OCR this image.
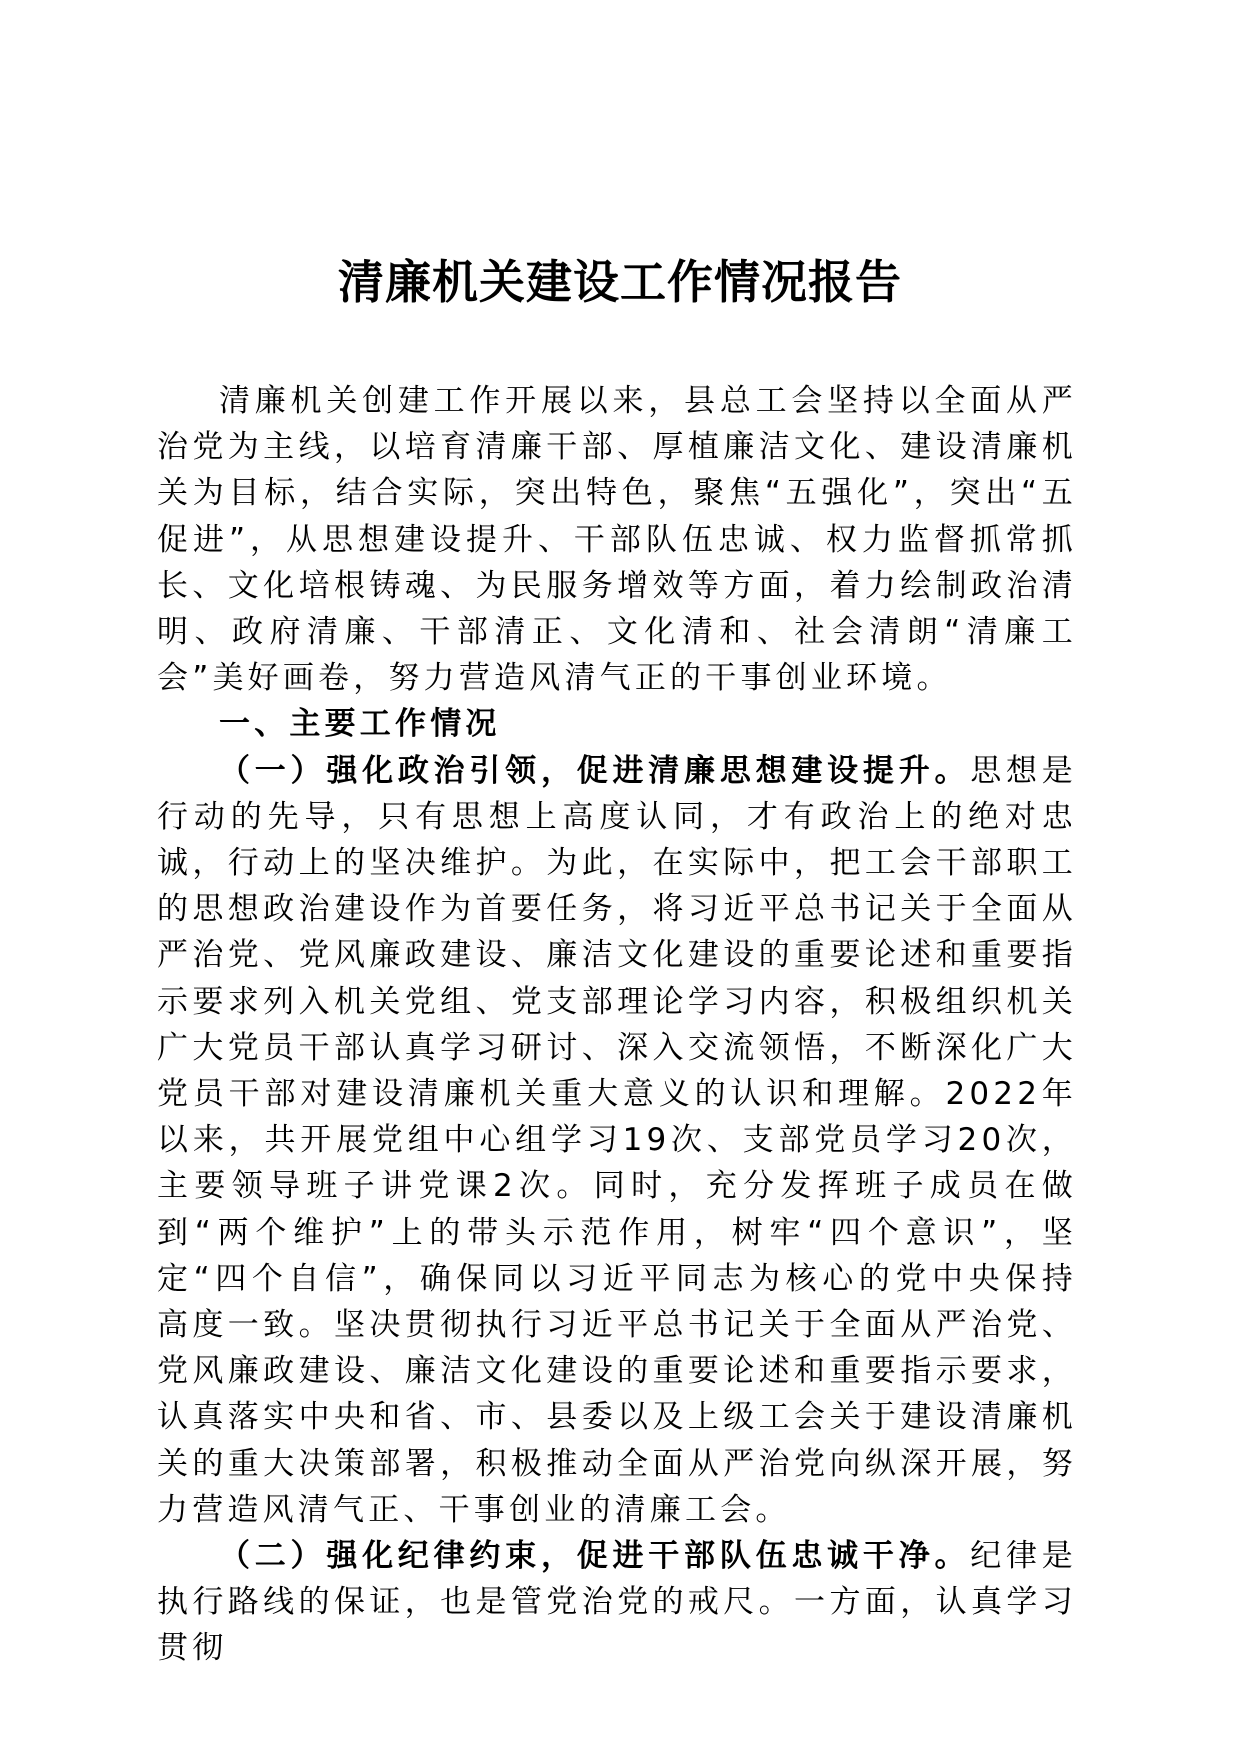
清廉机关建设工作情况报告

清廉机关创建工作开展以来，县总工会坚持以全面从严治党为主线，以培育清廉干部、厚植廉洁文化、建设清廉机关为目标，结合实际，突出特色，聚焦“五强化”，突出“五促进”，从思想建设提升、干部队伍忠诚、权力监督抓常抓长、文化培根铸魂、为民服务增效等方面，着力绘制政治清明、政府清廉、干部清正、文化清和、社会清朗“清廉工会”美好画卷，努力营造风清气正的干事创业环境。

一、主要工作情况

（一）强化政治引领，促进清廉思想建设提升。思想是行动的先导，只有思想上高度认同，才有政治上的绝对忠诚，行动上的坚决维护。为此，在实际中，把工会干部职工的思想政治建设作为首要任务，将习近平总书记关于全面从严治党、党风廉政建设、廉洁文化建设的重要论述和重要指示要求列入机关党组、党支部理论学习内容，积极组织机关广大党员干部认真学习研讨、深入交流领悟，不断深化广大党员干部对建设清廉机关重大意义的认识和理解。2022年以来，共开展党组中心组学习19次、支部党员学习20次，主要领导班子讲党课2次。同时，充分发挥班子成员在做到“两个维护”上的带头示范作用，树牢“四个意识”，坚定“四个自信”，确保同以习近平同志为核心的党中央保持高度一致。坚决贯彻执行习近平总书记关于全面从严治党、党风廉政建设、廉洁文化建设的重要论述和重要指示要求，认真落实中央和省、市、县委以及上级工会关于建设清廉机关的重大决策部署，积极推动全面从严治党向纵深开展，努力营造风清气正、干事创业的清廉工会。

（二）强化纪律约束，促进干部队伍忠诚干净。纪律是执行路线的保证，也是管党治党的戒尺。一方面，认真学习贯彻
